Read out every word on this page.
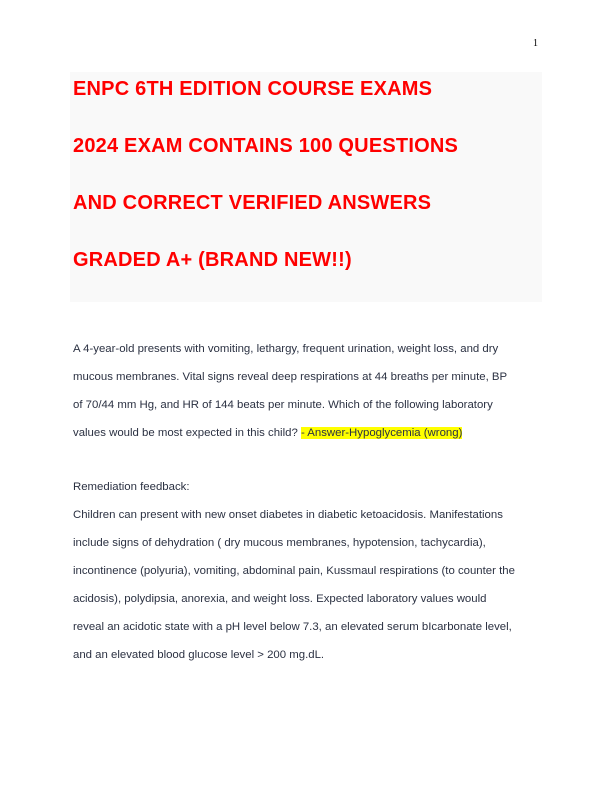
1
ENPC 6TH EDITION COURSE EXAMS
2024 EXAM CONTAINS 100 QUESTIONS
AND CORRECT VERIFIED ANSWERS
GRADED A+ (BRAND NEW!!)
A 4-year-old presents with vomiting, lethargy, frequent urination, weight loss, and dry
mucous membranes. Vital signs reveal deep respirations at 44 breaths per minute, BP
of 70/44 mm Hg, and HR of 144 beats per minute. Which of the following laboratory
values would be most expected in this child? - Answer-Hypoglycemia (wrong)
Remediation feedback:
Children can present with new onset diabetes in diabetic ketoacidosis. Manifestations
include signs of dehydration ( dry mucous membranes, hypotension, tachycardia),
incontinence (polyuria), vomiting, abdominal pain, Kussmaul respirations (to counter the
acidosis), polydipsia, anorexia, and weight loss. Expected laboratory values would
reveal an acidotic state with a pH level below 7.3, an elevated serum bIcarbonate level,
and an elevated blood glucose level > 200 mg.dL.
